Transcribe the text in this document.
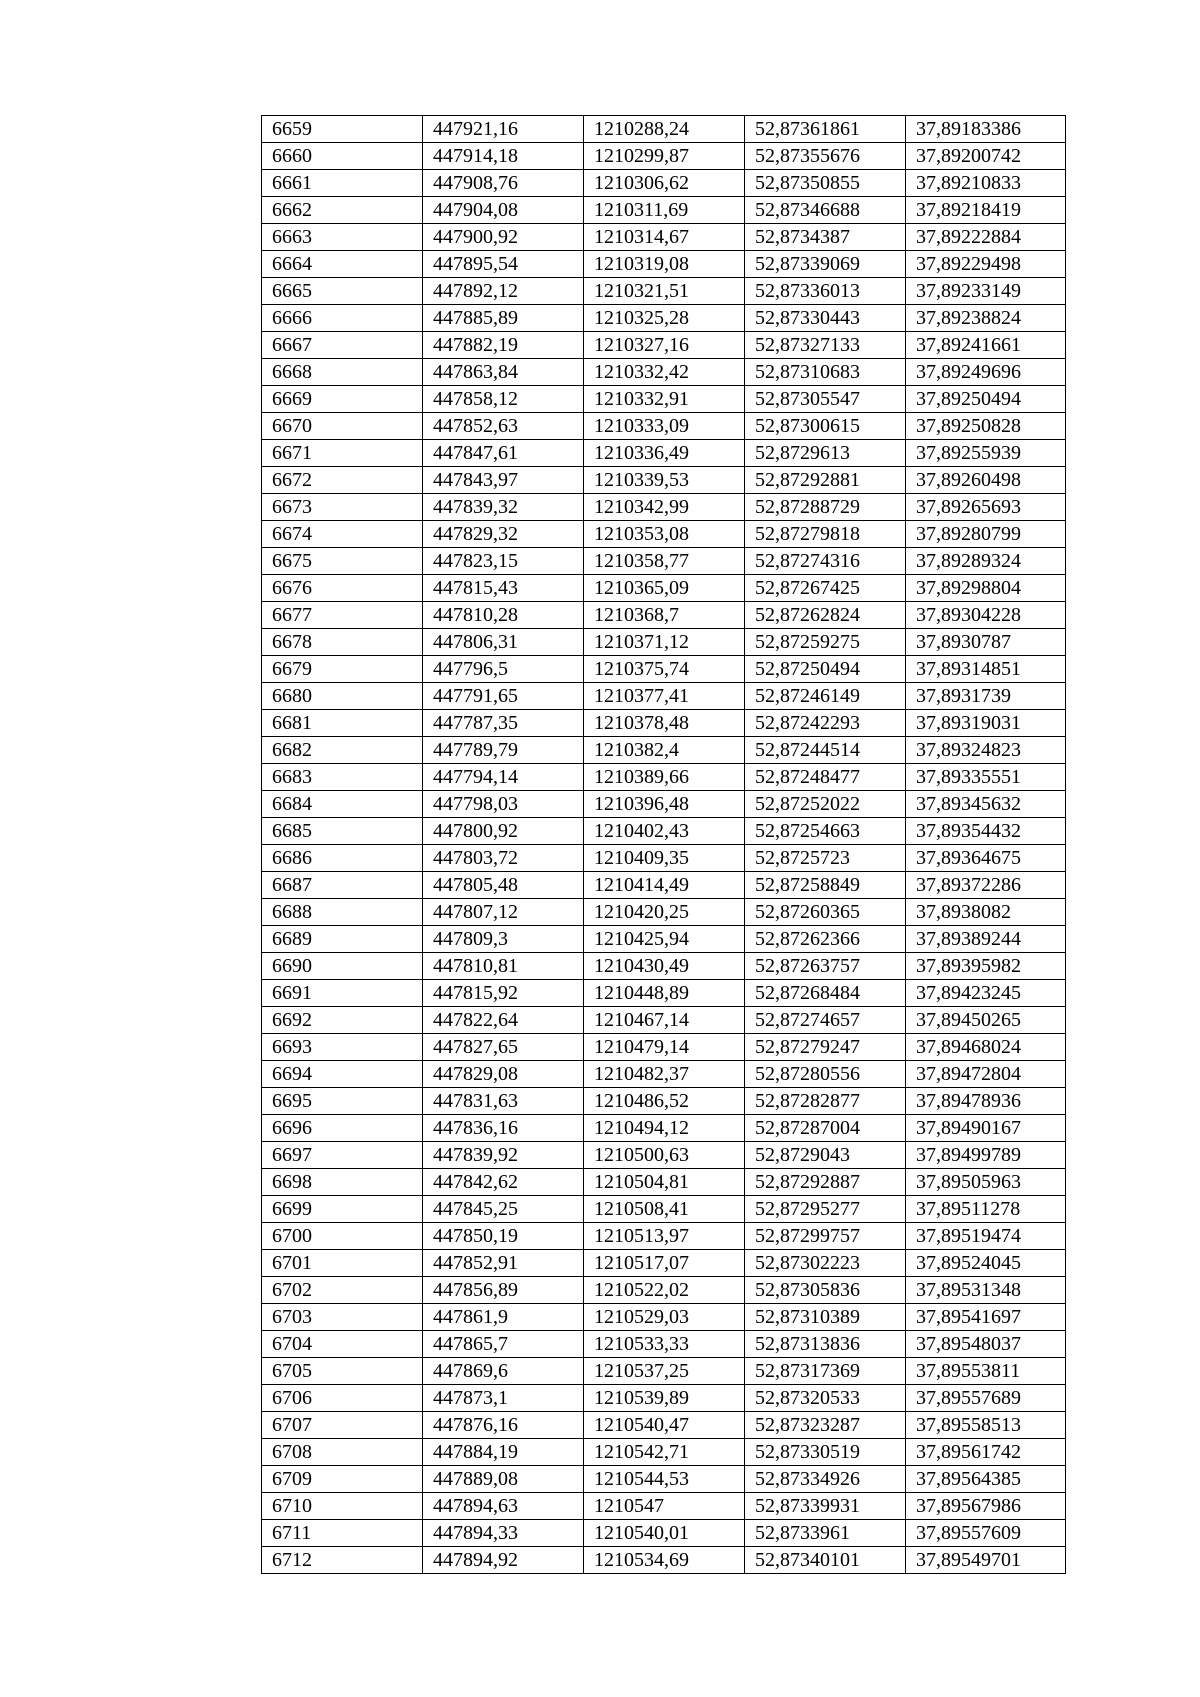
6659	447921,16	1210288,24	52,87361861	37,89183386
6660	447914,18	1210299,87	52,87355676	37,89200742
6661	447908,76	1210306,62	52,87350855	37,89210833
6662	447904,08	1210311,69	52,87346688	37,89218419
6663	447900,92	1210314,67	52,8734387	37,89222884
6664	447895,54	1210319,08	52,87339069	37,89229498
6665	447892,12	1210321,51	52,87336013	37,89233149
6666	447885,89	1210325,28	52,87330443	37,89238824
6667	447882,19	1210327,16	52,87327133	37,89241661
6668	447863,84	1210332,42	52,87310683	37,89249696
6669	447858,12	1210332,91	52,87305547	37,89250494
6670	447852,63	1210333,09	52,87300615	37,89250828
6671	447847,61	1210336,49	52,8729613	37,89255939
6672	447843,97	1210339,53	52,87292881	37,89260498
6673	447839,32	1210342,99	52,87288729	37,89265693
6674	447829,32	1210353,08	52,87279818	37,89280799
6675	447823,15	1210358,77	52,87274316	37,89289324
6676	447815,43	1210365,09	52,87267425	37,89298804
6677	447810,28	1210368,7	52,87262824	37,89304228
6678	447806,31	1210371,12	52,87259275	37,8930787
6679	447796,5	1210375,74	52,87250494	37,89314851
6680	447791,65	1210377,41	52,87246149	37,8931739
6681	447787,35	1210378,48	52,87242293	37,89319031
6682	447789,79	1210382,4	52,87244514	37,89324823
6683	447794,14	1210389,66	52,87248477	37,89335551
6684	447798,03	1210396,48	52,87252022	37,89345632
6685	447800,92	1210402,43	52,87254663	37,89354432
6686	447803,72	1210409,35	52,8725723	37,89364675
6687	447805,48	1210414,49	52,87258849	37,89372286
6688	447807,12	1210420,25	52,87260365	37,8938082
6689	447809,3	1210425,94	52,87262366	37,89389244
6690	447810,81	1210430,49	52,87263757	37,89395982
6691	447815,92	1210448,89	52,87268484	37,89423245
6692	447822,64	1210467,14	52,87274657	37,89450265
6693	447827,65	1210479,14	52,87279247	37,89468024
6694	447829,08	1210482,37	52,87280556	37,89472804
6695	447831,63	1210486,52	52,87282877	37,89478936
6696	447836,16	1210494,12	52,87287004	37,89490167
6697	447839,92	1210500,63	52,8729043	37,89499789
6698	447842,62	1210504,81	52,87292887	37,89505963
6699	447845,25	1210508,41	52,87295277	37,89511278
6700	447850,19	1210513,97	52,87299757	37,89519474
6701	447852,91	1210517,07	52,87302223	37,89524045
6702	447856,89	1210522,02	52,87305836	37,89531348
6703	447861,9	1210529,03	52,87310389	37,89541697
6704	447865,7	1210533,33	52,87313836	37,89548037
6705	447869,6	1210537,25	52,87317369	37,89553811
6706	447873,1	1210539,89	52,87320533	37,89557689
6707	447876,16	1210540,47	52,87323287	37,89558513
6708	447884,19	1210542,71	52,87330519	37,89561742
6709	447889,08	1210544,53	52,87334926	37,89564385
6710	447894,63	1210547	52,87339931	37,89567986
6711	447894,33	1210540,01	52,8733961	37,89557609
6712	447894,92	1210534,69	52,87340101	37,89549701
